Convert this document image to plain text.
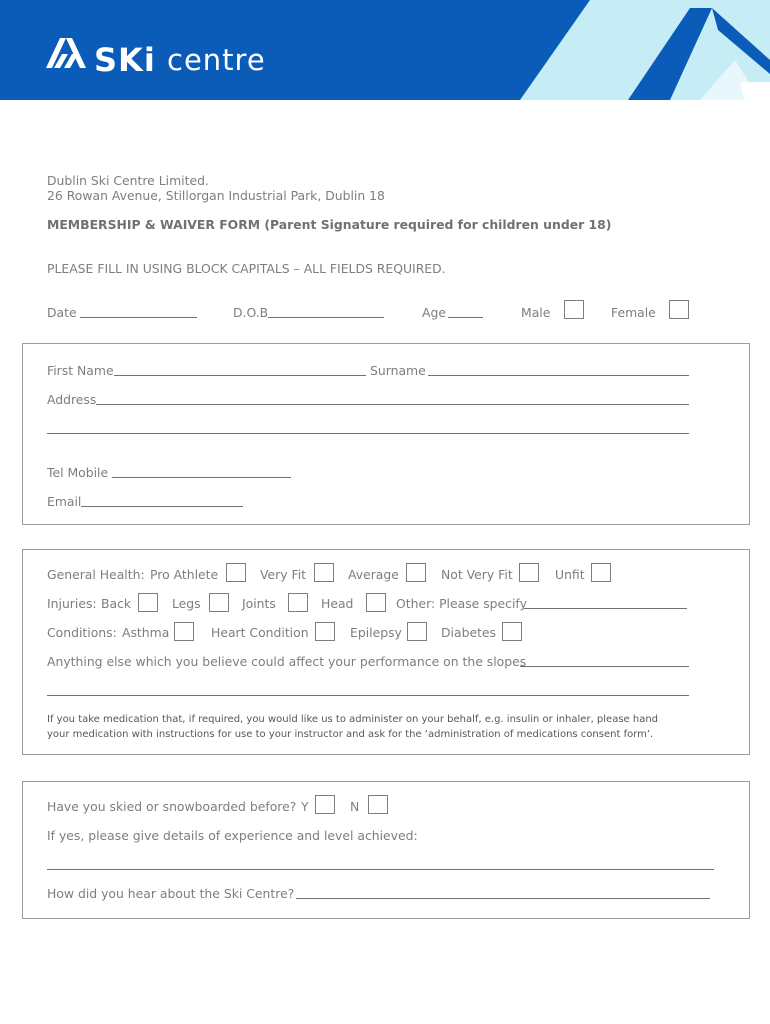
SKi centre
Dublin Ski Centre Limited.
26 Rowan Avenue, Stillorgan Industrial Park, Dublin 18
MEMBERSHIP & WAIVER FORM (Parent Signature required for children under 18)
PLEASE FILL IN USING BLOCK CAPITALS – ALL FIELDS REQUIRED.
Date	D.O.B	Age	Male	Female
First Name	Surname
Address
Tel Mobile
Email
General Health: Pro Athlete	Very Fit	Average	Not Very Fit	Unfit
Injuries: Back	Legs	Joints	Head	Other: Please specify
Conditions: Asthma	Heart Condition	Epilepsy	Diabetes
Anything else which you believe could affect your performance on the slopes
If you take medication that, if required, you would like us to administer on your behalf, e.g. insulin or inhaler, please hand
your medication with instructions for use to your instructor and ask for the ‘administration of medications consent form’.
Have you skied or snowboarded before? Y	N
If yes, please give details of experience and level achieved:
How did you hear about the Ski Centre?
